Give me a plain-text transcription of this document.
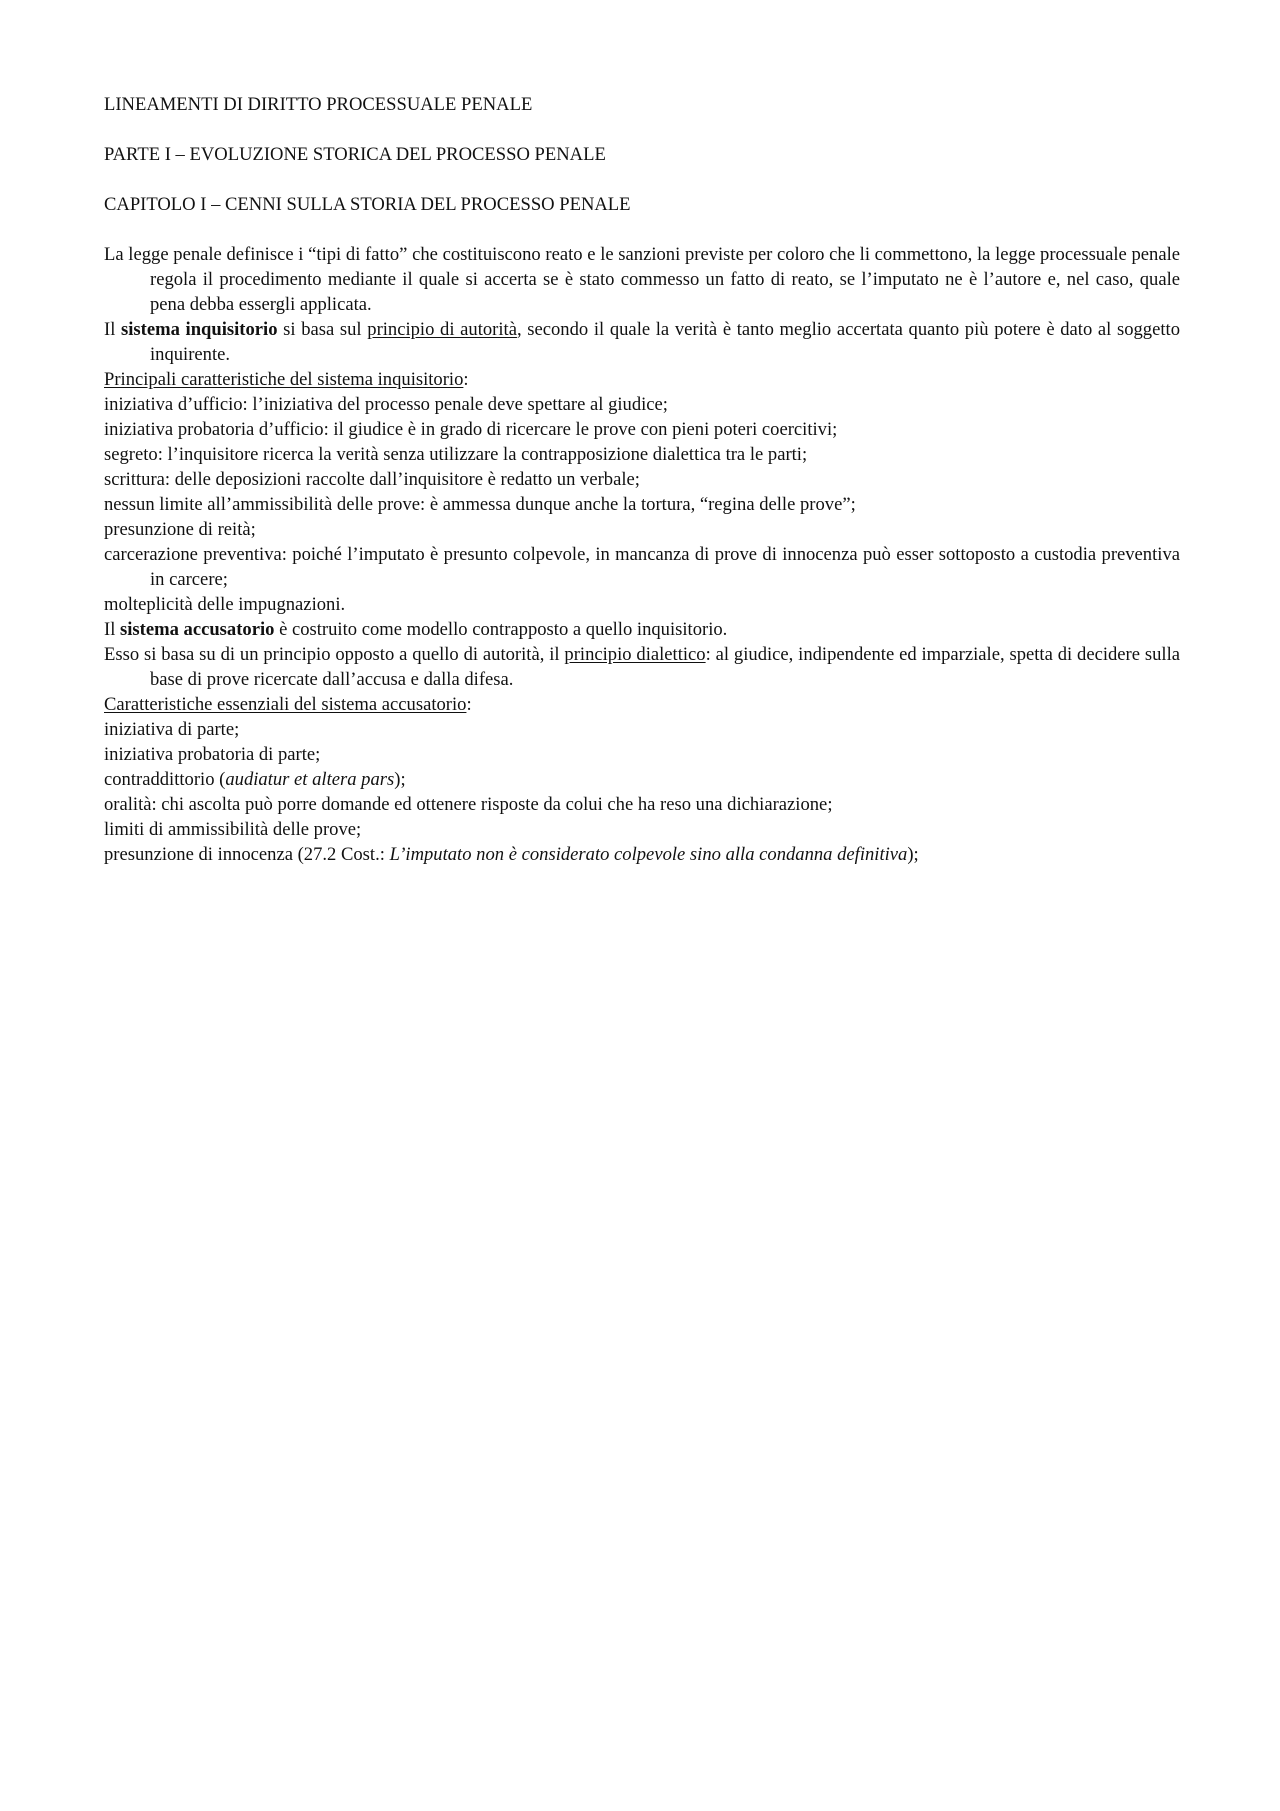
LINEAMENTI DI DIRITTO PROCESSUALE PENALE

PARTE I – EVOLUZIONE STORICA DEL PROCESSO PENALE

CAPITOLO I – CENNI SULLA STORIA DEL PROCESSO PENALE

La legge penale definisce i “tipi di fatto” che costituiscono reato e le sanzioni previste per coloro che li commettono, la legge processuale penale regola il procedimento mediante il quale si accerta se è stato commesso un fatto di reato, se l’imputato ne è l’autore e, nel caso, quale pena debba essergli applicata.

Il sistema inquisitorio si basa sul principio di autorità, secondo il quale la verità è tanto meglio accertata quanto più potere è dato al soggetto inquirente.

Principali caratteristiche del sistema inquisitorio:

iniziativa d’ufficio: l’iniziativa del processo penale deve spettare al giudice;

iniziativa probatoria d’ufficio: il giudice è in grado di ricercare le prove con pieni poteri coercitivi;

segreto: l’inquisitore ricerca la verità senza utilizzare la contrapposizione dialettica tra le parti;

scrittura: delle deposizioni raccolte dall’inquisitore è redatto un verbale;

nessun limite all’ammissibilità delle prove: è ammessa dunque anche la tortura, “regina delle prove”;

presunzione di reità;

carcerazione preventiva: poiché l’imputato è presunto colpevole, in mancanza di prove di innocenza può esser sottoposto a custodia preventiva in carcere;

molteplicità delle impugnazioni.

Il sistema accusatorio è costruito come modello contrapposto a quello inquisitorio.

Esso si basa su di un principio opposto a quello di autorità, il principio dialettico: al giudice, indipendente ed imparziale, spetta di decidere sulla base di prove ricercate dall’accusa e dalla difesa.

Caratteristiche essenziali del sistema accusatorio:

iniziativa di parte;

iniziativa probatoria di parte;

contraddittorio (audiatur et altera pars);

oralità: chi ascolta può porre domande ed ottenere risposte da colui che ha reso una dichiarazione;

limiti di ammissibilità delle prove;

presunzione di innocenza (27.2 Cost.: L’imputato non è considerato colpevole sino alla condanna definitiva);
